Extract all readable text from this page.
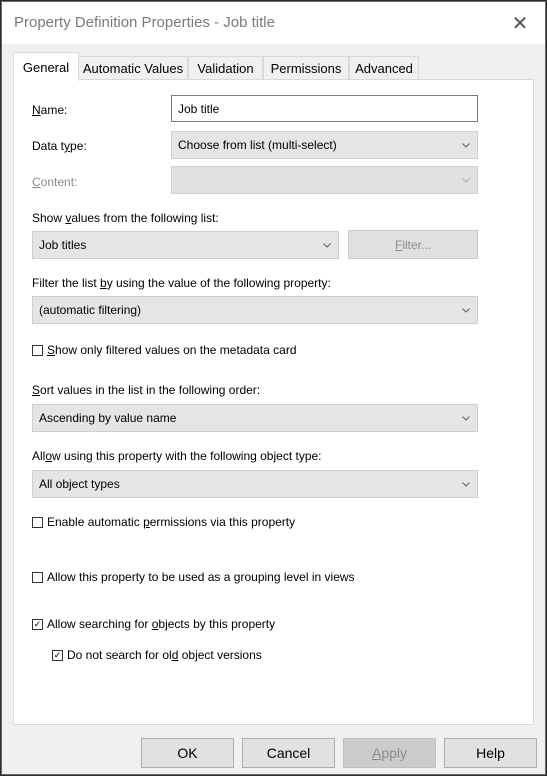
Property Definition Properties - Job title	✕
General Automatic Values Validation Permissions Advanced
Name:	Job title
Data type:	Choose from list (multi-select)
Content:
Show values from the following list:
Job titles	F ilter...
Filter the list by using the value of the following property:
(automatic filtering)
Show only filtered values on the metadata card
Sort values in the list in the following order:
Ascending by value name
Allow using this property with the following object type:
All object types
Enable automatic permissions via this property
Allow this property to be used as a grouping level in views
✓ Allow searching for objects by this property
✓ Do not search for old object versions
OK	Cancel	A pply	Help
